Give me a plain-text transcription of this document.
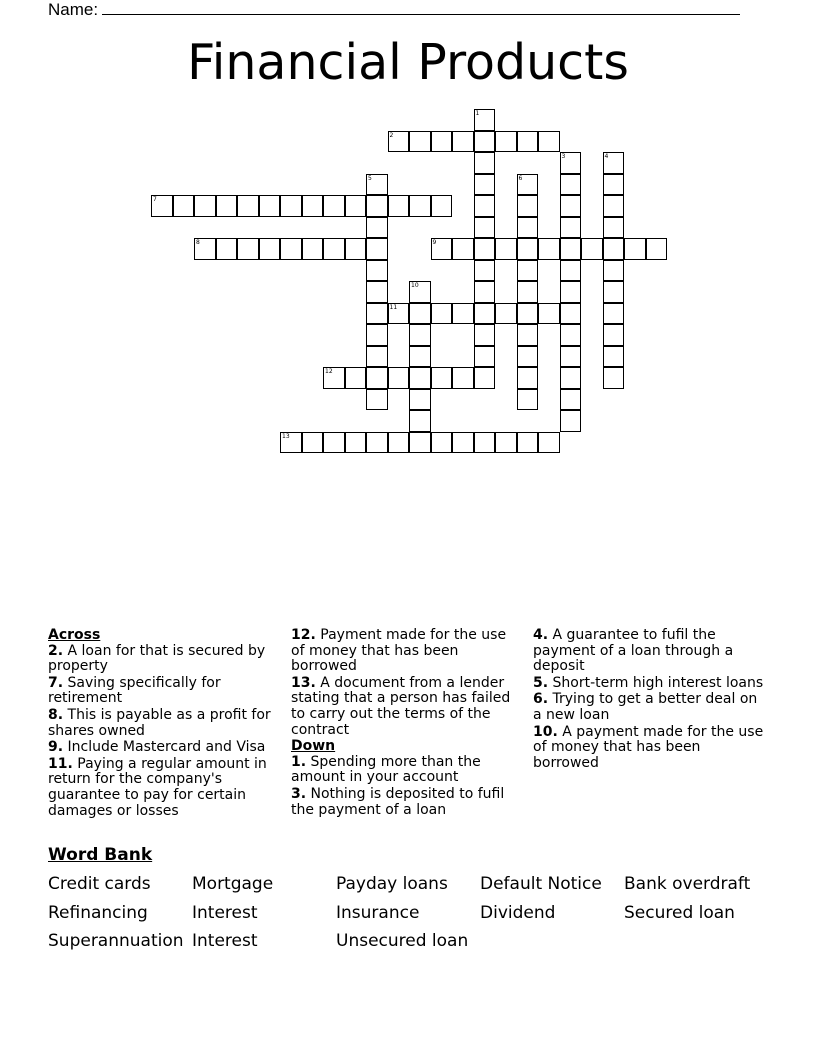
Name:
Financial Products
1
2
3	4
5	6
7
8	9
10
11
12
13

Across

2. A loan for that is secured by property

7. Saving specifically for retirement

8. This is payable as a profit for shares owned

9. Include Mastercard and Visa

11. Paying a regular amount in return for the company's guarantee to pay for certain damages or losses

12. Payment made for the use of money that has been borrowed

13. A document from a lender stating that a person has failed to carry out the terms of the contract

Down

1. Spending more than the amount in your account

3. Nothing is deposited to fufil the payment of a loan

4. A guarantee to fufil the payment of a loan through a deposit

5. Short-term high interest loans

6. Trying to get a better deal on a new loan

10. A payment made for the use of money that has been borrowed

Word Bank
Credit cards Mortgage	Payday loans Default Notice Bank overdraft
Refinancing	Interest	Insurance	Dividend	Secured loan
Superannuation Interest	Unsecured loan
